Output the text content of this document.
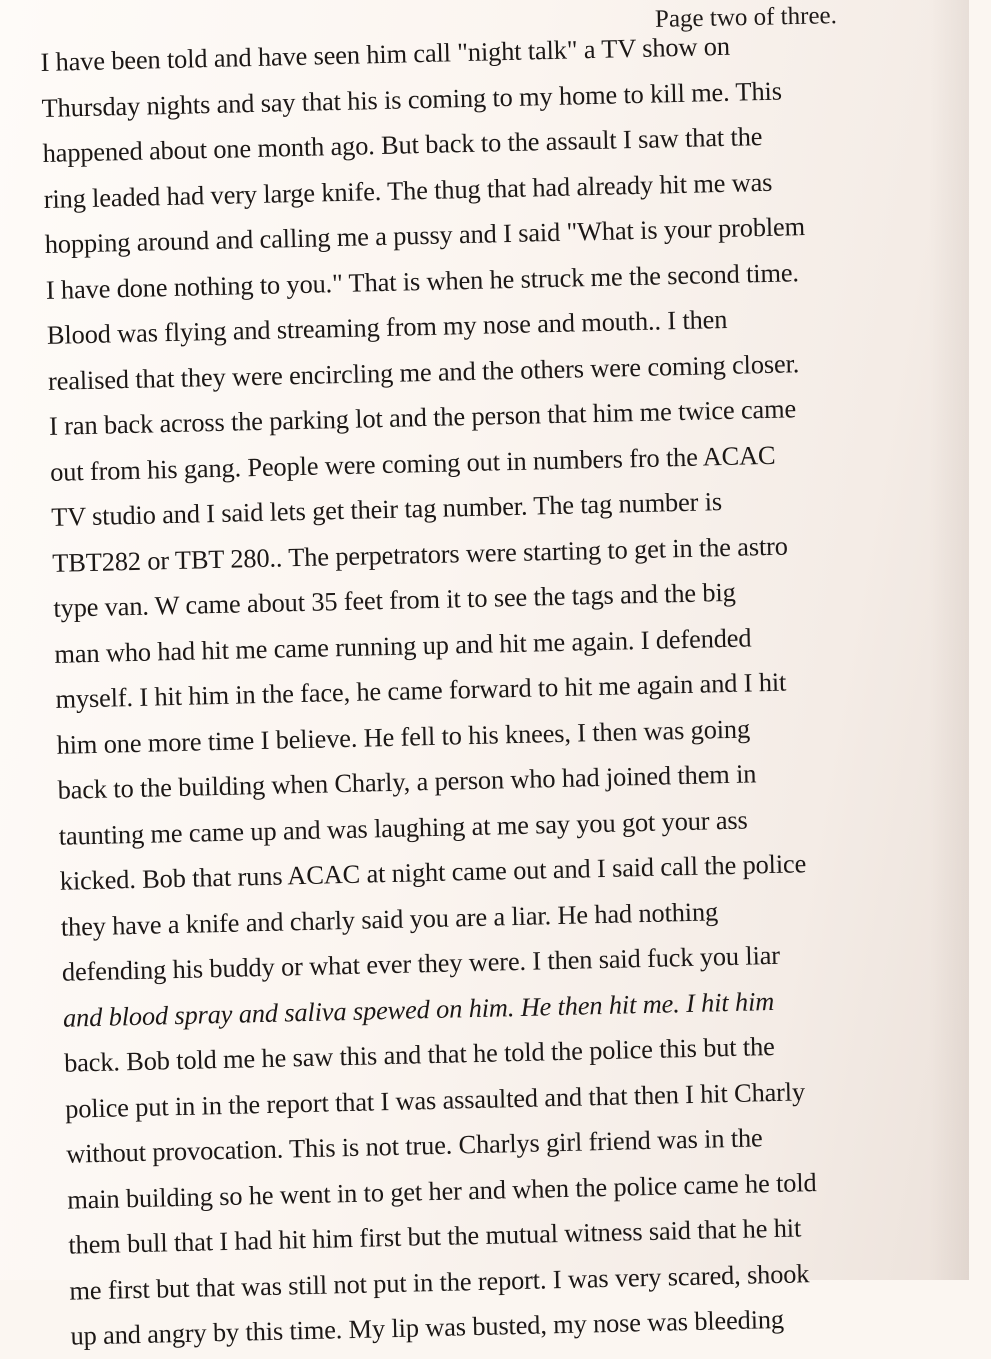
Page two of three.
I have been told and have seen him call "night talk" a TV show on
Thursday nights and say that his is coming to my home to kill me. This
happened about one month ago. But back to the assault I saw that the
ring leaded had very large knife. The thug that had already hit me was
hopping around and calling me a pussy and I said "What is your problem
I have done nothing to you." That is when he struck me the second time.
Blood was flying and streaming from my nose and mouth.. I then
realised that they were encircling me and the others were coming closer.
I ran back across the parking lot and the person that him me twice came
out from his gang. People were coming out in numbers fro the ACAC
TV studio and I said lets get their tag number. The tag number is
TBT282 or TBT 280.. The perpetrators were starting to get in the astro
type van. W came about 35 feet from it to see the tags and the big
man who had hit me came running up and hit me again. I defended
myself. I hit him in the face, he came forward to hit me again and I hit
him one more time I believe. He fell to his knees, I then was going
back to the building when Charly, a person who had joined them in
taunting me came up and was laughing at me say you got your ass
kicked. Bob that runs ACAC at night came out and I said call the police
they have a knife and charly said you are a liar. He had nothing
defending his buddy or what ever they were. I then said fuck you liar
and blood spray and saliva spewed on him. He then hit me. I hit him
back. Bob told me he saw this and that he told the police this but the
police put in in the report that I was assaulted and that then I hit Charly
without provocation. This is not true. Charlys girl friend was in the
main building so he went in to get her and when the police came he told
them bull that I had hit him first but the mutual witness said that he hit
me first but that was still not put in the report. I was very scared, shook
up and angry by this time. My lip was busted, my nose was bleeding
